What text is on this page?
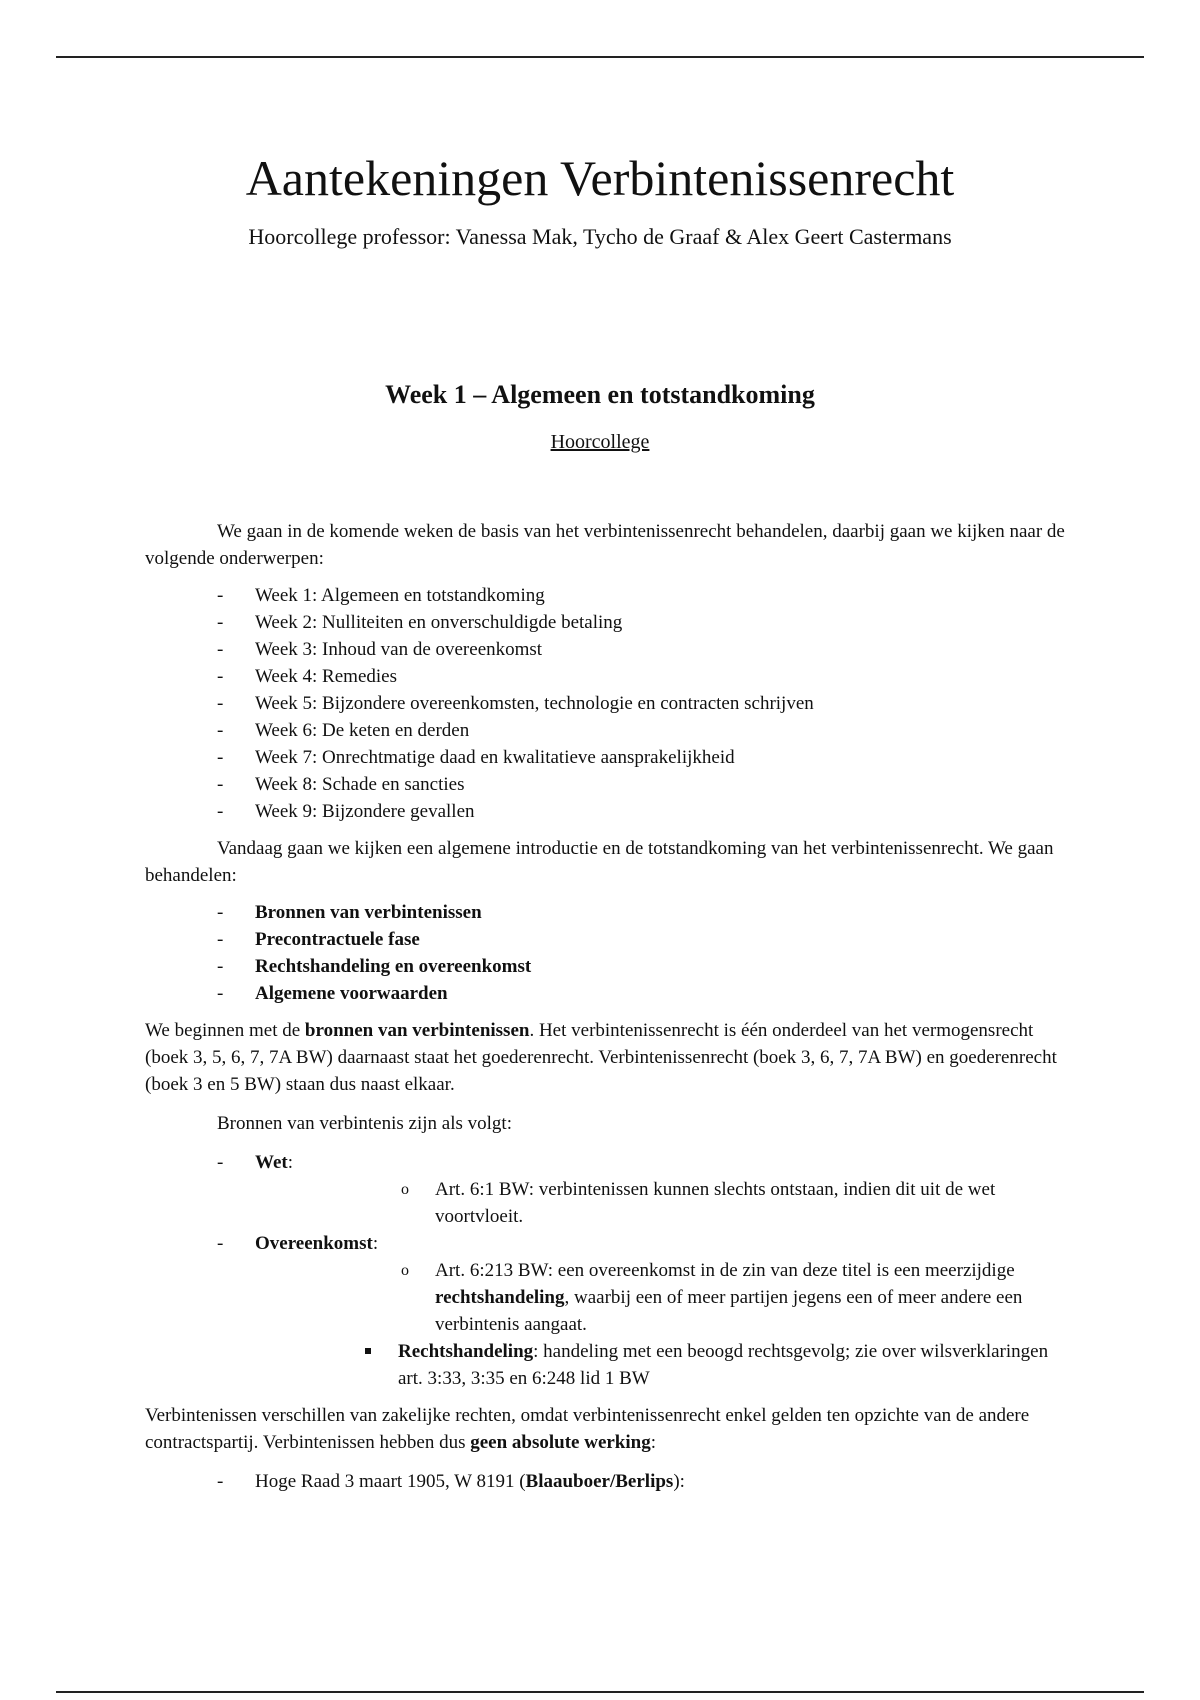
Aantekeningen Verbintenissenrecht
Hoorcollege professor: Vanessa Mak, Tycho de Graaf & Alex Geert Castermans
Week 1 – Algemeen en totstandkoming
Hoorcollege

We gaan in de komende weken de basis van het verbintenissenrecht behandelen, daarbij gaan we kijken naar de volgende onderwerpen:

- Week 1: Algemeen en totstandkoming
- Week 2: Nulliteiten en onverschuldigde betaling
- Week 3: Inhoud van de overeenkomst
- Week 4: Remedies
- Week 5: Bijzondere overeenkomsten, technologie en contracten schrijven
- Week 6: De keten en derden
- Week 7: Onrechtmatige daad en kwalitatieve aansprakelijkheid
- Week 8: Schade en sancties
- Week 9: Bijzondere gevallen

Vandaag gaan we kijken een algemene introductie en de totstandkoming van het verbintenissenrecht. We gaan behandelen:

- Bronnen van verbintenissen
- Precontractuele fase
- Rechtshandeling en overeenkomst
- Algemene voorwaarden

We beginnen met de bronnen van verbintenissen. Het verbintenissenrecht is één onderdeel van het vermogensrecht (boek 3, 5, 6, 7, 7A BW) daarnaast staat het goederenrecht. Verbintenissenrecht (boek 3, 6, 7, 7A BW) en goederenrecht (boek 3 en 5 BW) staan dus naast elkaar.

Bronnen van verbintenis zijn als volgt:

- Wet:
o Art. 6:1 BW: verbintenissen kunnen slechts ontstaan, indien dit uit de wet voortvloeit.
- Overeenkomst:
o Art. 6:213 BW: een overeenkomst in de zin van deze titel is een meerzijdige rechtshandeling, waarbij een of meer partijen jegens een of meer andere een verbintenis aangaat.
Rechtshandeling: handeling met een beoogd rechtsgevolg; zie over wilsverklaringen art. 3:33, 3:35 en 6:248 lid 1 BW

Verbintenissen verschillen van zakelijke rechten, omdat verbintenissenrecht enkel gelden ten opzichte van de andere contractspartij. Verbintenissen hebben dus geen absolute werking:

- Hoge Raad 3 maart 1905, W 8191 (Blaauboer/Berlips):
